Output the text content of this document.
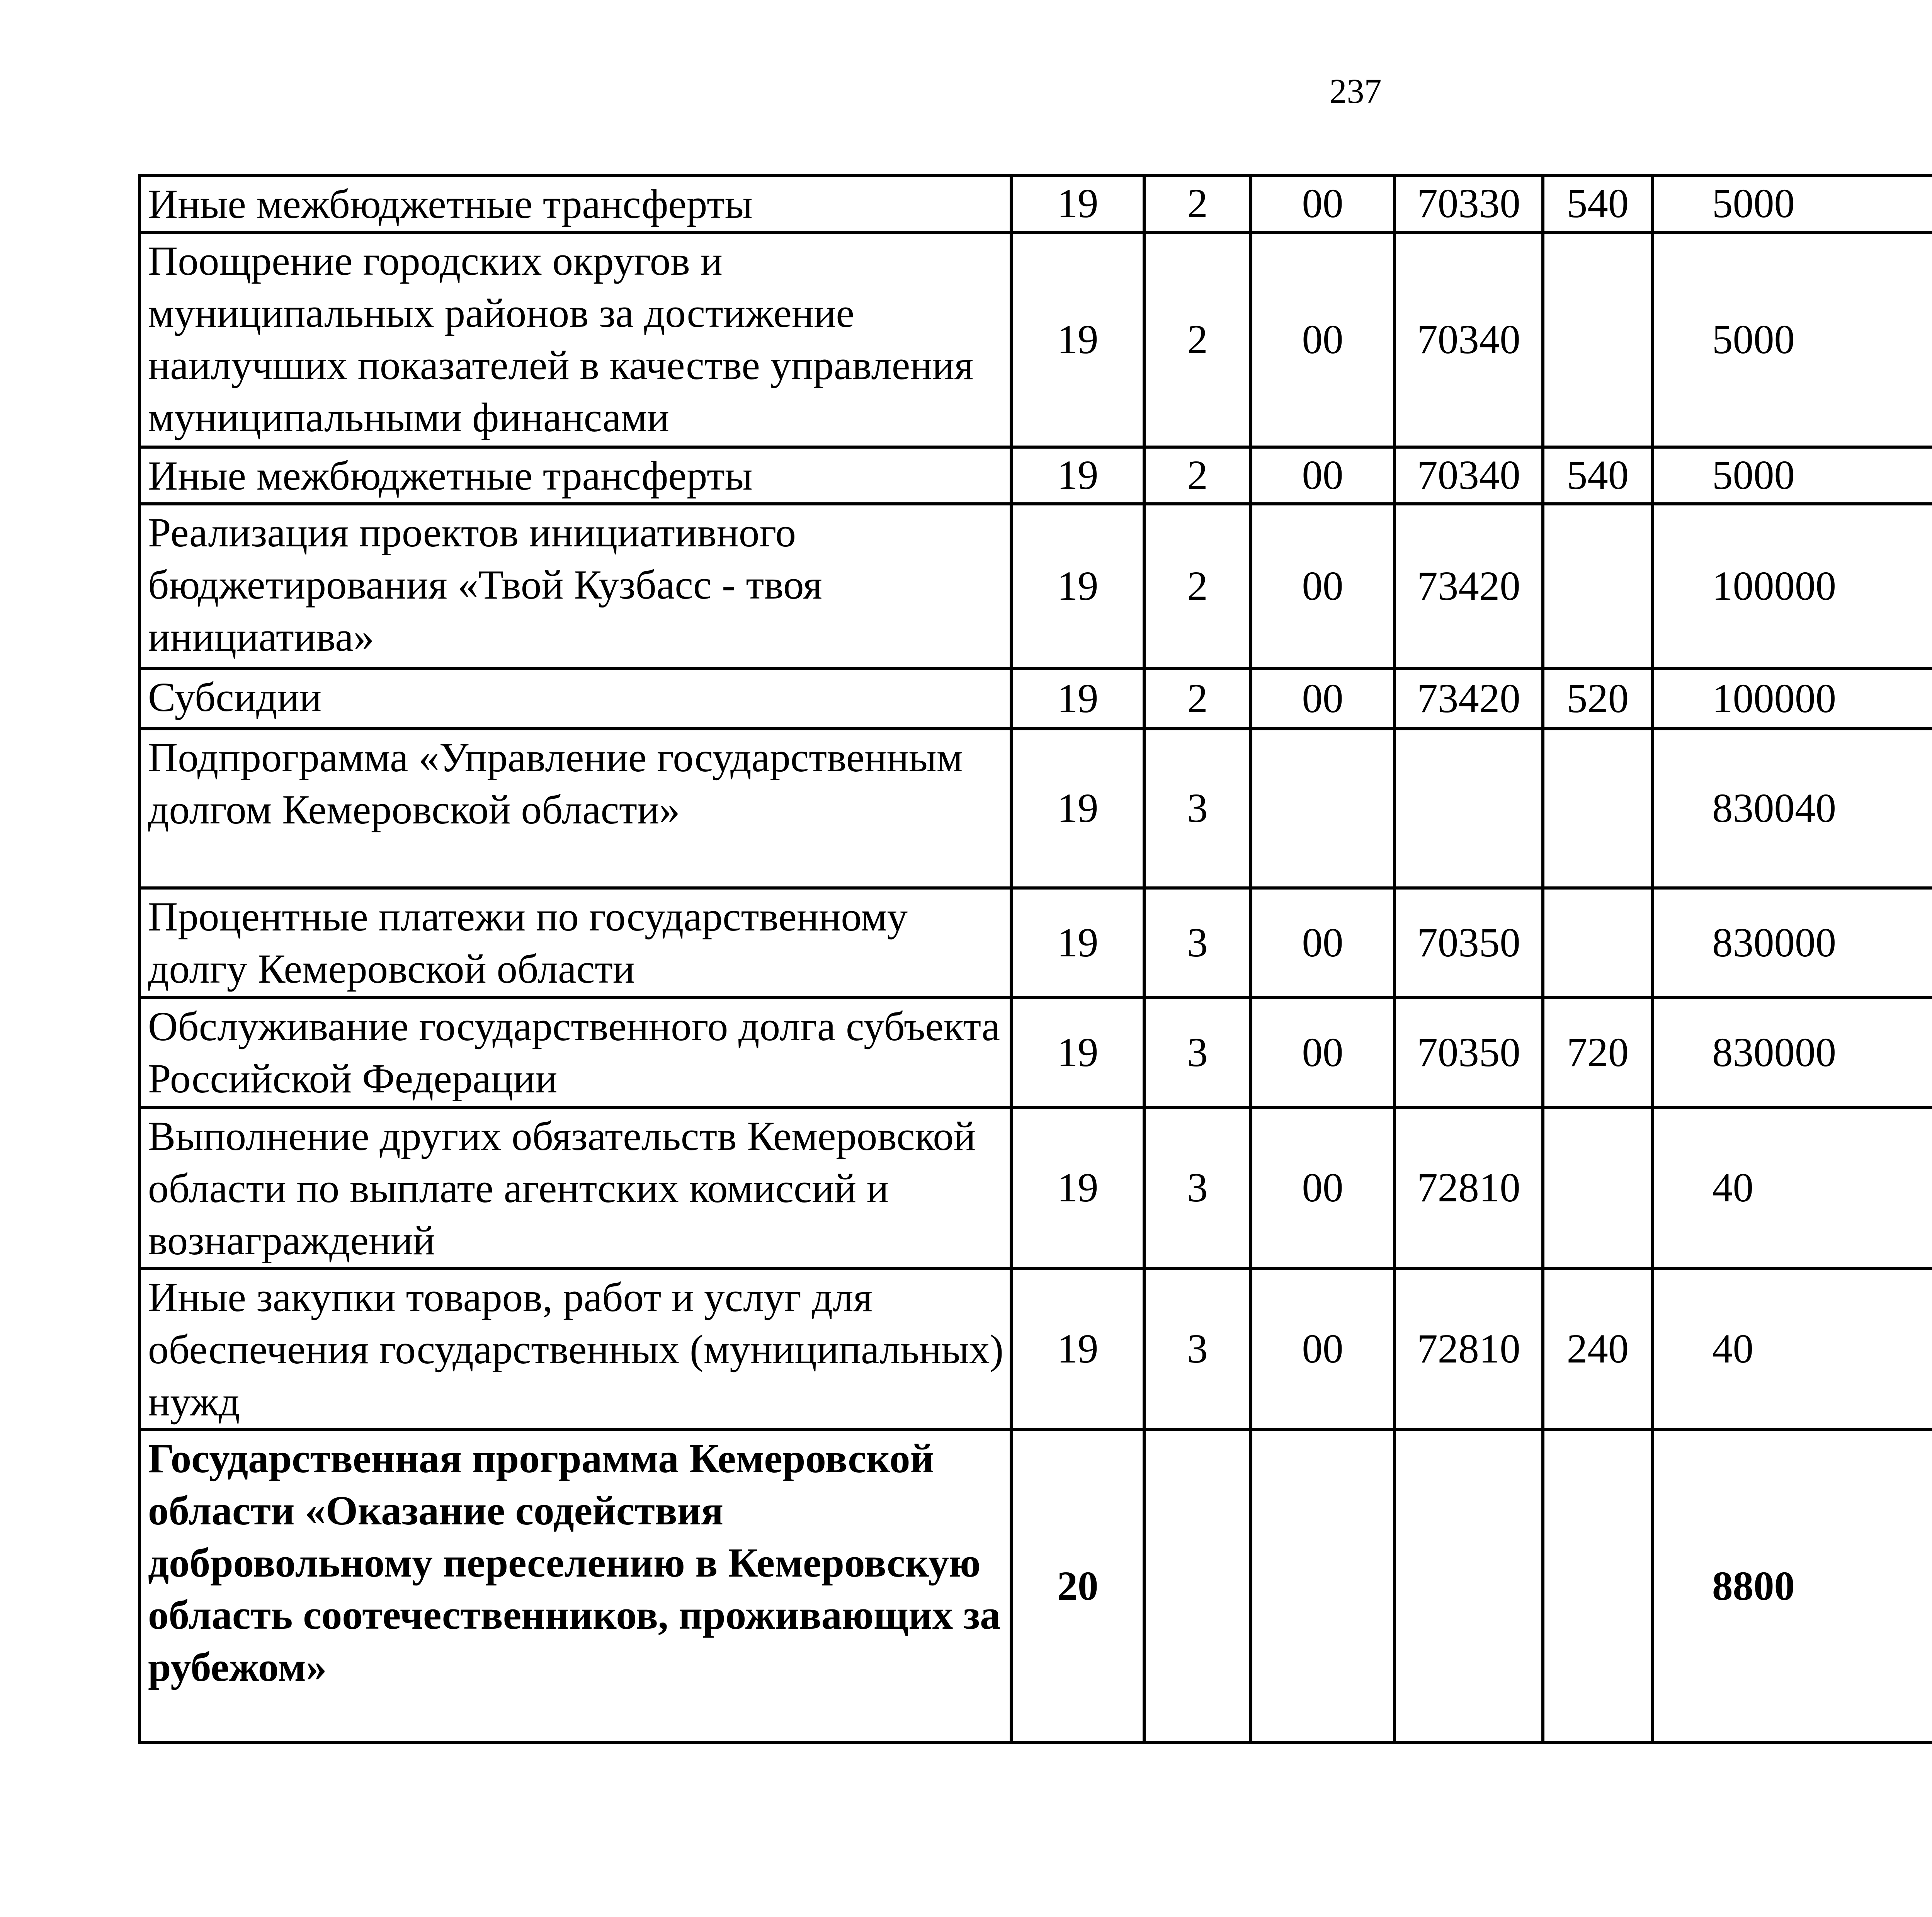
237
Иные межбюджетные трансферты	19	2	00	70330	540	5000		
Поощрение городских округов и муниципальных районов за достижение наилучших показателей в качестве управления муниципальными финансами	19	2	00	70340		5000		
Иные межбюджетные трансферты	19	2	00	70340	540	5000		
Реализация проектов инициативного бюджетирования «Твой Кузбасс - твоя инициатива»	19	2	00	73420		100000		
Субсидии	19	2	00	73420	520	100000		
Подпрограмма «Управление государственным долгом Кемеровской области»	19	3				830040		
Процентные платежи по государственному долгу Кемеровской области	19	3	00	70350		830000		
Обслуживание государственного долга субъекта Российской Федерации	19	3	00	70350	720	830000		
Выполнение других обязательств Кемеровской области по выплате агентских комиссий и вознаграждений	19	3	00	72810		40		
Иные закупки товаров, работ и услуг для обеспечения государственных (муниципальных) нужд	19	3	00	72810	240	40		
Государственная программа Кемеровской области «Оказание содействия добровольному переселению в Кемеровскую область соотечественников, проживающих за рубежом»	20					8800		
